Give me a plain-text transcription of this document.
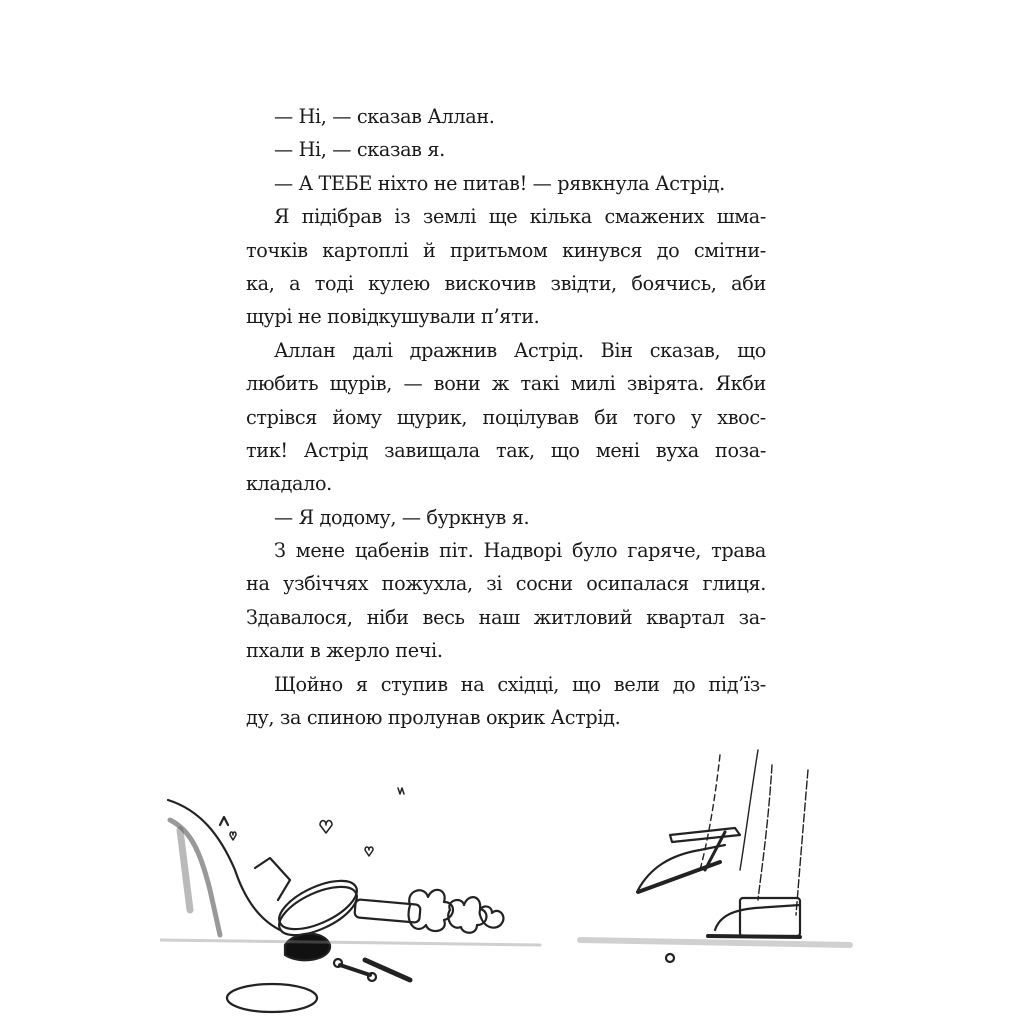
— Ні, — сказав Аллан.
— Ні, — сказав я.
— А ТЕБЕ ніхто не питав! — рявкнула Астрід.
Я підібрав із землі ще кілька смажених шма-
точків картоплі й притьмом кинувся до смітни-
ка, а тоді кулею вискочив звідти, боячись, аби
щурі не повідкушували п’яти.
Аллан далі дражнив Астрід. Він сказав, що
любить щурів, — вони ж такі милі звірята. Якби
стрівся йому щурик, поцілував би того у хвос-
тик! Астрід завищала так, що мені вуха поза-
кладало.
— Я додому, — буркнув я.
З мене цабенів піт. Надворі було гаряче, трава
на узбіччях пожухла, зі сосни осипалася глиця.
Здавалося, ніби весь наш житловий квартал за-
пхали в жерло печі.
Щойно я ступив на східці, що вели до під’їз-
ду, за спиною пролунав окрик Астрід.
